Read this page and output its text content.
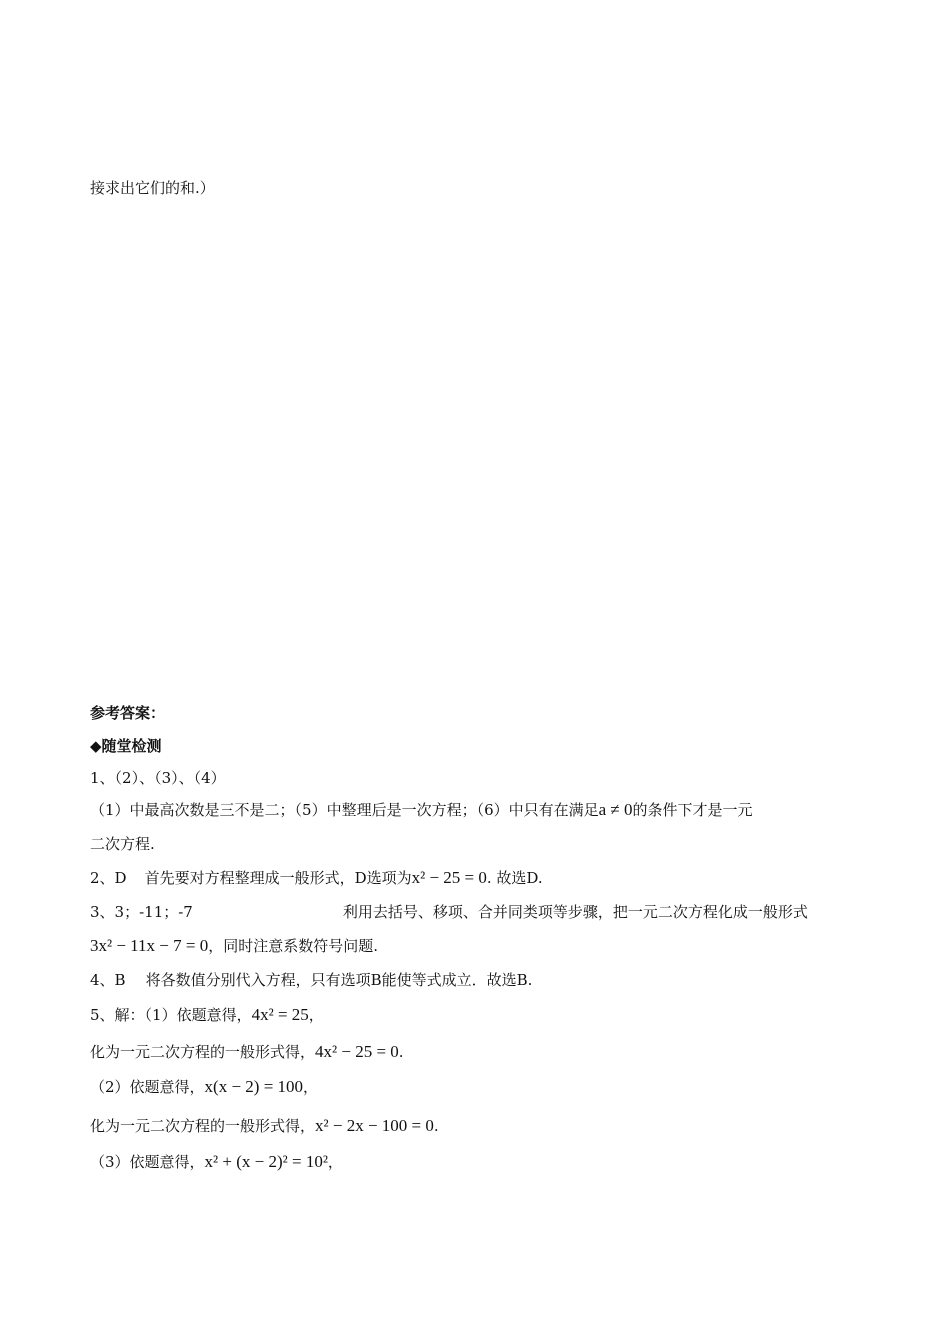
接求出它们的和.）
参考答案：
◆随堂检测
1、（2）、（3）、（4）
（1）中最高次数是三不是二；（5）中整理后是一次方程；（6）中只有在满足a ≠ 0的条件下才是一元
二次方程.
2、D 首先要对方程整理成一般形式，D选项为x² − 25 = 0. 故选D.
3、3；-11；-7	利用去括号、移项、合并同类项等步骤，把一元二次方程化成一般形式
3x² − 11x − 7 = 0，同时注意系数符号问题.
4、B 将各数值分别代入方程，只有选项B能使等式成立．故选B.
5、解：（1）依题意得，4x² = 25，
化为一元二次方程的一般形式得，4x² − 25 = 0.
（2）依题意得，x(x − 2) = 100，
化为一元二次方程的一般形式得，x² − 2x − 100 = 0.
（3）依题意得，x² + (x − 2)² = 10²，
